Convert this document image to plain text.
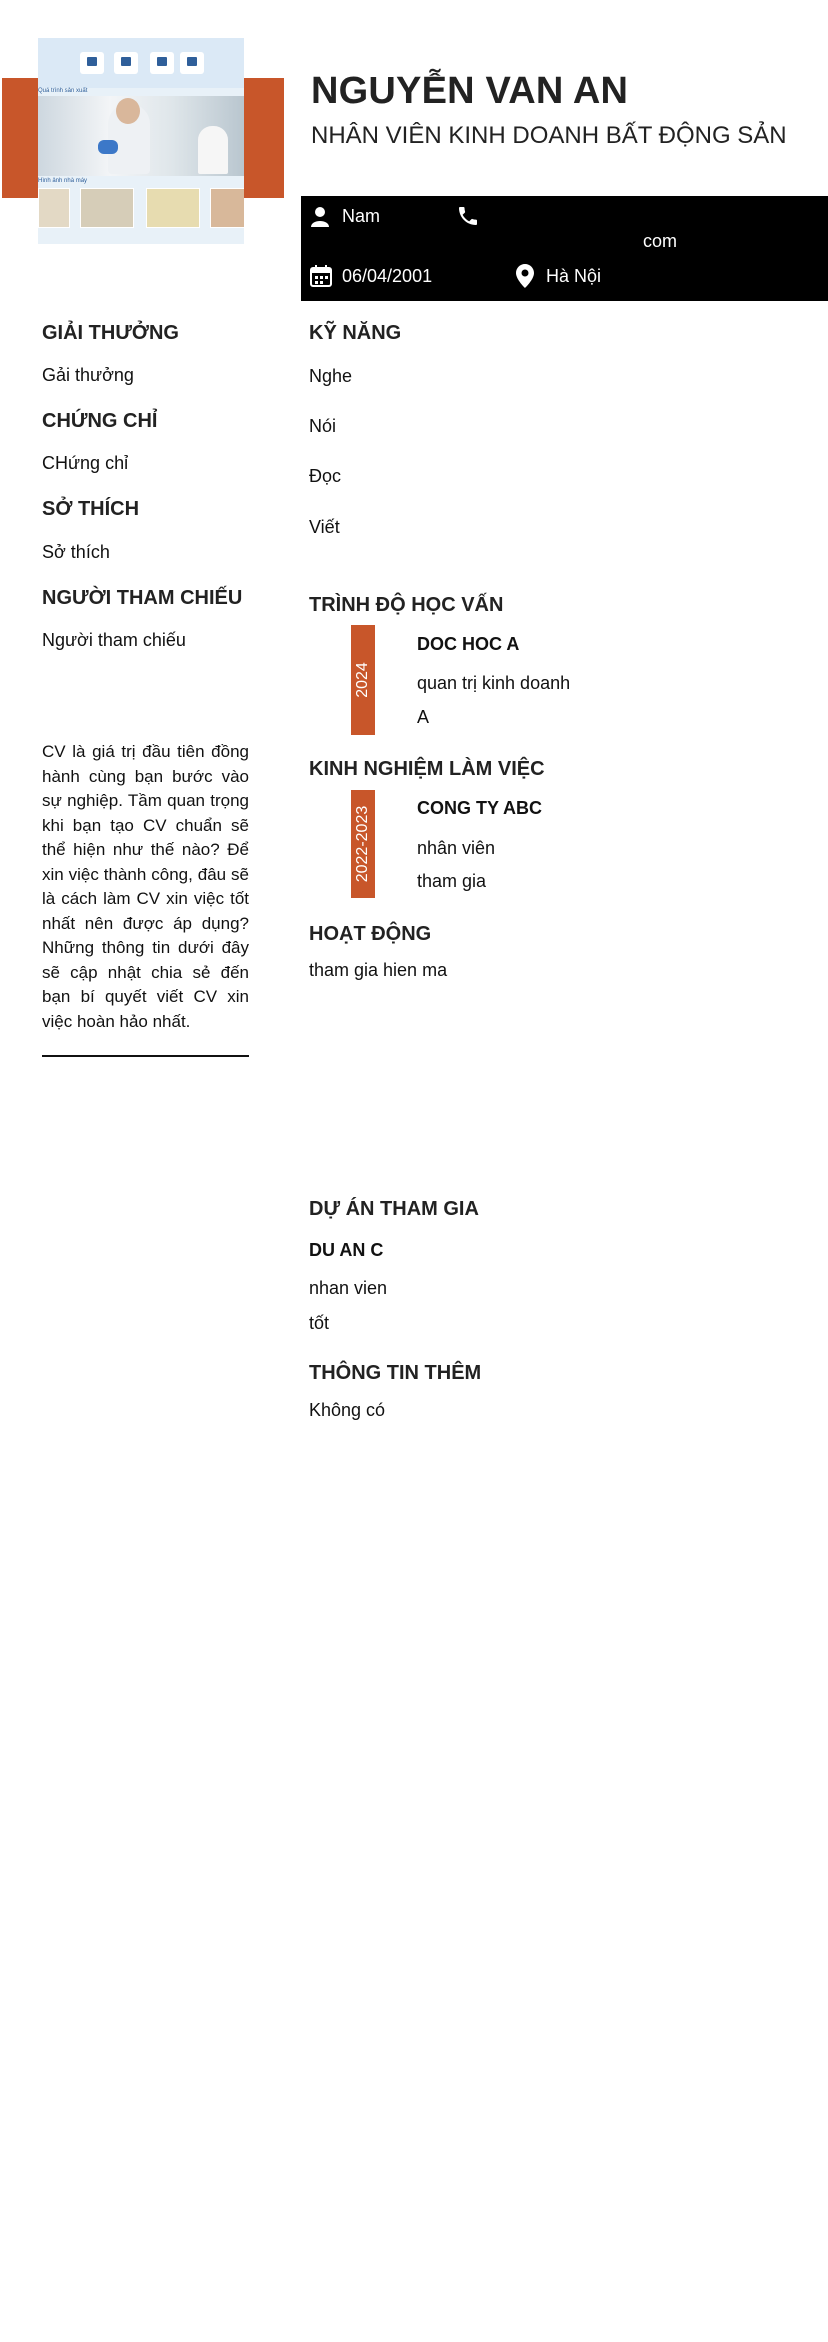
Quá trình sản xuất
Hình ảnh nhà máy
NGUYỄN VAN AN
NHÂN VIÊN KINH DOANH BẤT ĐỘNG SẢN
Nam
com
06/04/2001	Hà Nội
GIẢI THƯỞNG
Gải thưởng
CHỨNG CHỈ
CHứng chỉ
SỞ THÍCH
Sở thích
NGƯỜI THAM CHIẾU
Người tham chiếu
CV là giá trị đầu tiên đồng hành cùng bạn bước vào sự nghiệp. Tầm quan trọng khi bạn tạo CV chuẩn sẽ thể hiện như thế nào? Để xin việc thành công, đâu sẽ là cách làm CV xin việc tốt nhất nên được áp dụng? Những thông tin dưới đây sẽ cập nhật chia sẻ đến bạn bí quyết viết CV xin việc hoàn hảo nhất.
KỸ NĂNG
Nghe
Nói
Đọc
Viết
TRÌNH ĐỘ HỌC VẤN
2024
DOC HOC A
quan trị kinh doanh
A
KINH NGHIỆM LÀM VIỆC
2022-2023	CONG TY ABC
nhân viên
tham gia
HOẠT ĐỘNG
tham gia hien ma
DỰ ÁN THAM GIA
DU AN C
nhan vien
tốt
THÔNG TIN THÊM
Không có
